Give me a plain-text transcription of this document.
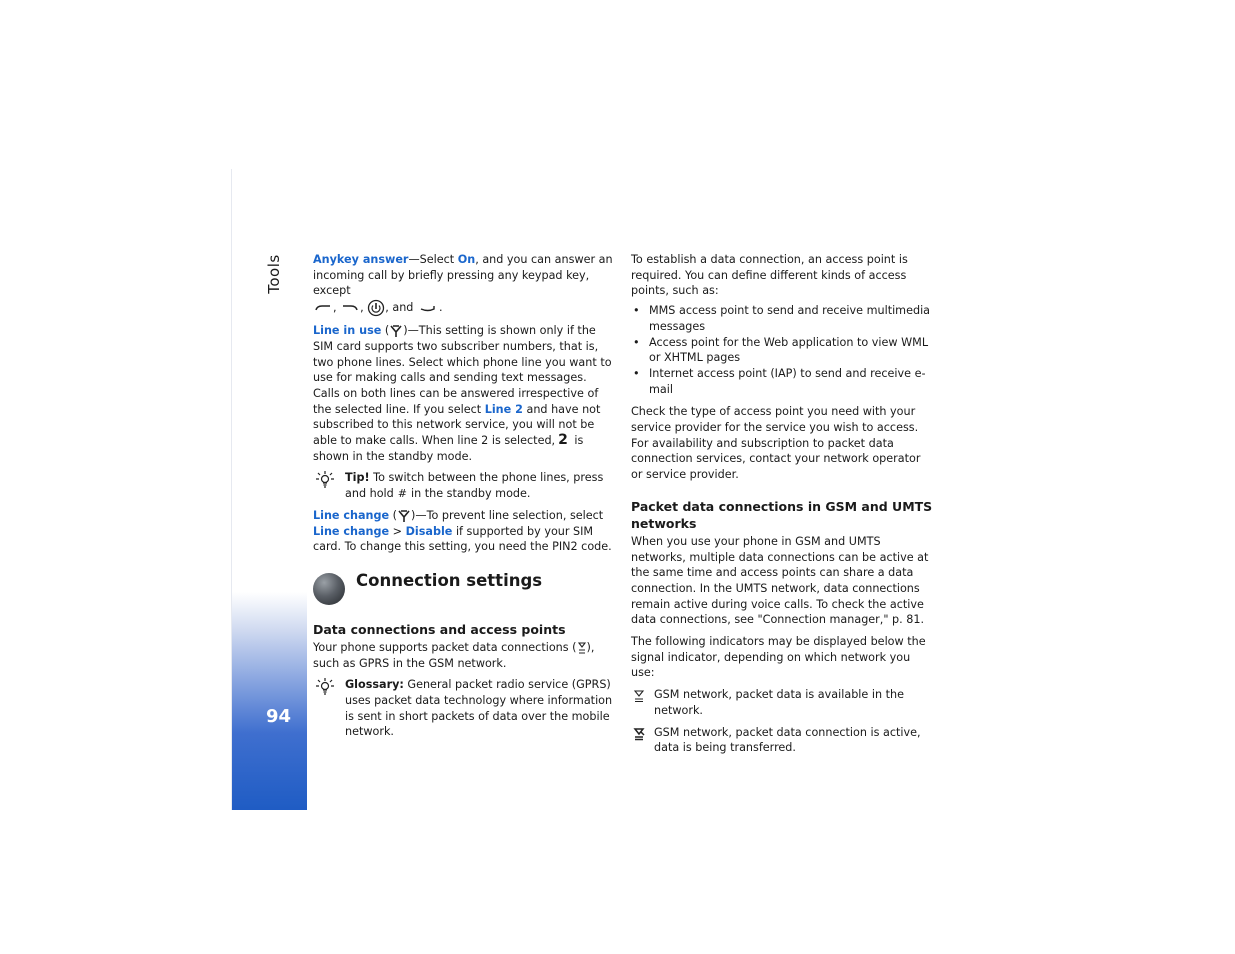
Tools
94

Anykey answer—Select On, and you can answer an incoming call by briefly pressing any keypad key, except
, , , and .

Line in use ( )—This setting is shown only if the SIM card supports two subscriber numbers, that is, two phone lines. Select which phone line you want to use for making calls and sending text messages. Calls on both lines can be answered irrespective of the selected line. If you select Line 2 and have not subscribed to this network service, you will not be able to make calls. When line 2 is selected, 2 is shown in the standby mode.

Tip! To switch between the phone lines, press and hold # in the standby mode.

Line change ( )—To prevent line selection, select Line change > Disable if supported by your SIM card. To change this setting, you need the PIN2 code.

Connection settings
Data connections and access points

Your phone supports packet data connections ( ), such as GPRS in the GSM network.

Glossary: General packet radio service (GPRS) uses packet data technology where information is sent in short packets of data over the mobile network.

To establish a data connection, an access point is required. You can define different kinds of access points, such as:

• MMS access point to send and receive multimedia messages
• Access point for the Web application to view WML or XHTML pages
• Internet access point (IAP) to send and receive e-mail

Check the type of access point you need with your service provider for the service you wish to access. For availability and subscription to packet data connection services, contact your network operator or service provider.

Packet data connections in GSM and UMTS networks

When you use your phone in GSM and UMTS networks, multiple data connections can be active at the same time and access points can share a data connection. In the UMTS network, data connections remain active during voice calls. To check the active data connections, see "Connection manager," p. 81.

The following indicators may be displayed below the signal indicator, depending on which network you use:

GSM network, packet data is available in the network.

GSM network, packet data connection is active, data is being transferred.
